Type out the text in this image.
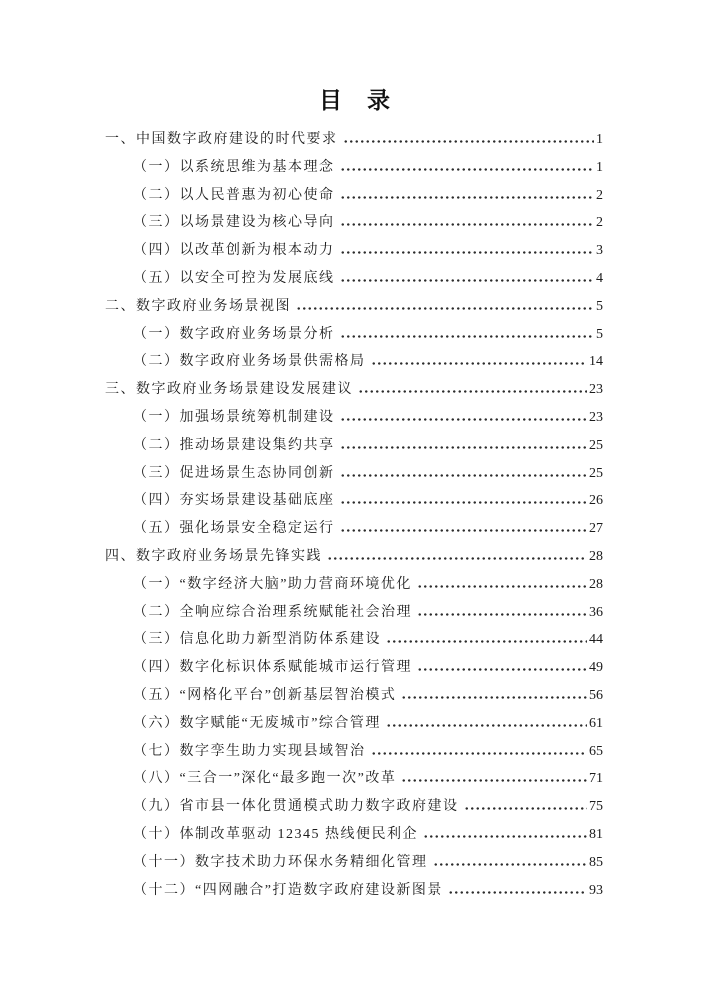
目　录
一、中国数字政府建设的时代要求	1
（一）以系统思维为基本理念	1
（二）以人民普惠为初心使命	2
（三）以场景建设为核心导向	2
（四）以改革创新为根本动力	3
（五）以安全可控为发展底线	4
二、数字政府业务场景视图	5
（一）数字政府业务场景分析	5
（二）数字政府业务场景供需格局	14
三、数字政府业务场景建设发展建议	23
（一）加强场景统筹机制建设	23
（二）推动场景建设集约共享	25
（三）促进场景生态协同创新	25
（四）夯实场景建设基础底座	26
（五）强化场景安全稳定运行	27
四、数字政府业务场景先锋实践	28
（一）“数字经济大脑”助力营商环境优化	28
（二）全响应综合治理系统赋能社会治理	36
（三）信息化助力新型消防体系建设	44
（四）数字化标识体系赋能城市运行管理	49
（五）“网格化平台”创新基层智治模式	56
（六）数字赋能“无废城市”综合管理	61
（七）数字孪生助力实现县域智治	65
（八）“三合一”深化“最多跑一次”改革	71
（九）省市县一体化贯通模式助力数字政府建设	75
（十）体制改革驱动 12345 热线便民利企	81
（十一）数字技术助力环保水务精细化管理	85
（十二）“四网融合”打造数字政府建设新图景	93
